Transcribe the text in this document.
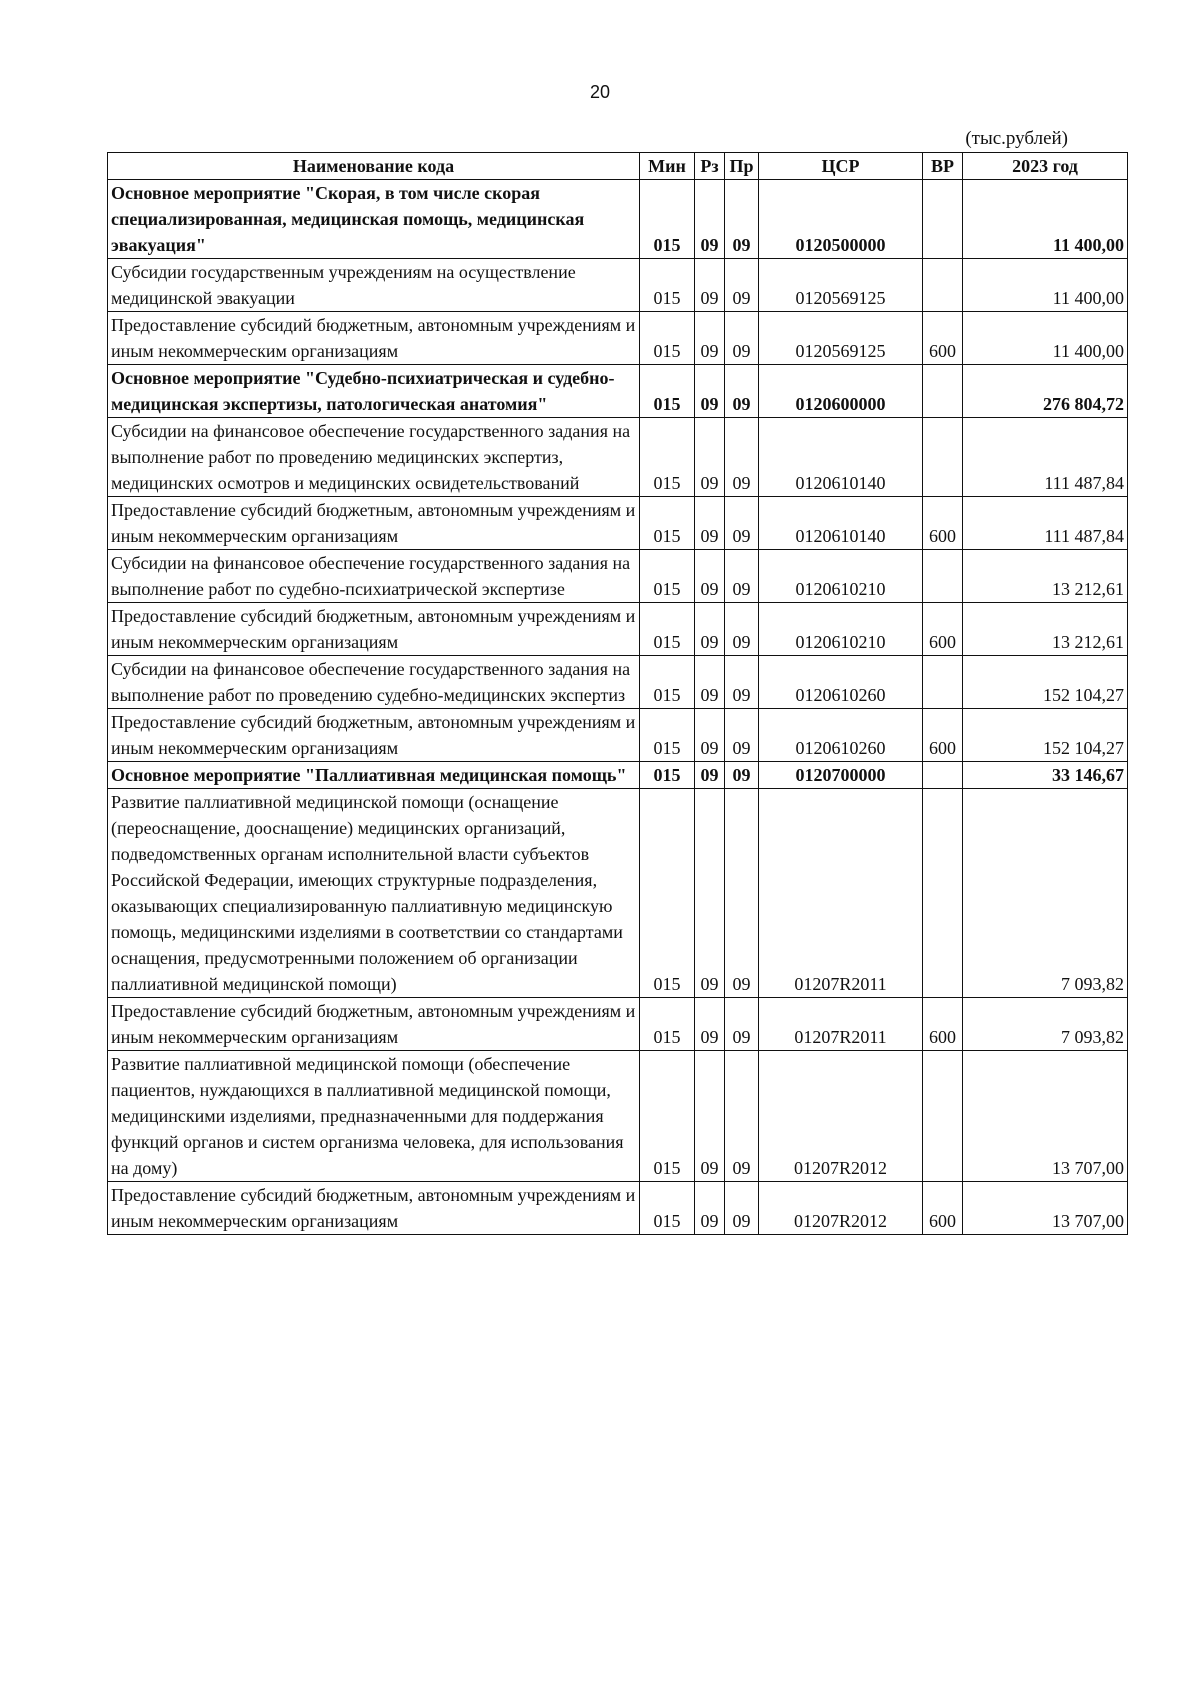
20
(тыс.рублей)
Наименование кода	Мин	Рз	Пр	ЦСР	ВР	2023 год
Основное мероприятие "Скорая, в том числе скорая специализированная, медицинская помощь, медицинская эвакуация"	015	09	09	0120500000		11 400,00
Субсидии государственным учреждениям на осуществление медицинской эвакуации	015	09	09	0120569125		11 400,00
Предоставление субсидий бюджетным, автономным учреждениям и иным некоммерческим организациям	015	09	09	0120569125	600	11 400,00
Основное мероприятие "Судебно-психиатрическая и судебно-медицинская экспертизы, патологическая анатомия"	015	09	09	0120600000		276 804,72
Субсидии на финансовое обеспечение государственного задания на выполнение работ по проведению медицинских экспертиз, медицинских осмотров и медицинских освидетельствований	015	09	09	0120610140		111 487,84
Предоставление субсидий бюджетным, автономным учреждениям и иным некоммерческим организациям	015	09	09	0120610140	600	111 487,84
Субсидии на финансовое обеспечение государственного задания на выполнение работ по судебно-психиатрической экспертизе	015	09	09	0120610210		13 212,61
Предоставление субсидий бюджетным, автономным учреждениям и иным некоммерческим организациям	015	09	09	0120610210	600	13 212,61
Субсидии на финансовое обеспечение государственного задания на выполнение работ по проведению судебно-медицинских экспертиз	015	09	09	0120610260		152 104,27
Предоставление субсидий бюджетным, автономным учреждениям и иным некоммерческим организациям	015	09	09	0120610260	600	152 104,27
Основное мероприятие "Паллиативная медицинская помощь"	015	09	09	0120700000		33 146,67
Развитие паллиативной медицинской помощи (оснащение (переоснащение, дооснащение) медицинских организаций, подведомственных органам исполнительной власти субъектов Российской Федерации, имеющих структурные подразделения, оказывающих специализированную паллиативную медицинскую помощь, медицинскими изделиями в соответствии со стандартами оснащения, предусмотренными положением об организации паллиативной медицинской помощи)	015	09	09	01207R2011		7 093,82
Предоставление субсидий бюджетным, автономным учреждениям и иным некоммерческим организациям	015	09	09	01207R2011	600	7 093,82
Развитие паллиативной медицинской помощи (обеспечение пациентов, нуждающихся в паллиативной медицинской помощи, медицинскими изделиями, предназначенными для поддержания функций органов и систем организма человека, для использования на дому)	015	09	09	01207R2012		13 707,00
Предоставление субсидий бюджетным, автономным учреждениям и иным некоммерческим организациям	015	09	09	01207R2012	600	13 707,00
